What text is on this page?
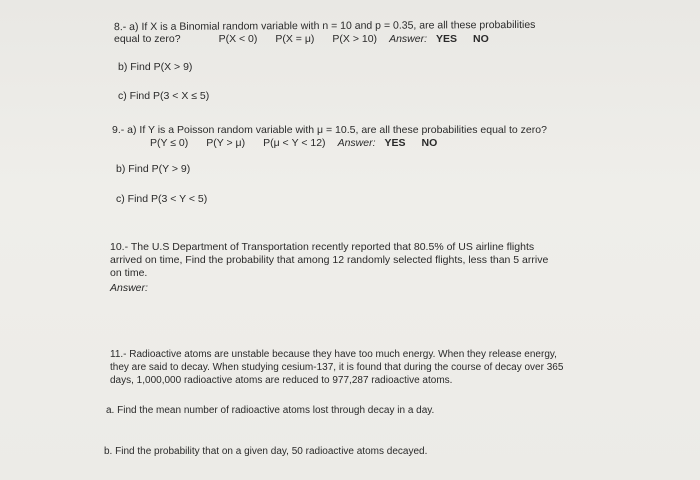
8.- a) If X is a Binomial random variable with n = 10 and p = 0.35, are all these probabilities
equal to zero?	P(X < 0) P(X = μ) P(X > 10) Answer: YES NO
b) Find P(X > 9)
c) Find P(3 < X ≤ 5)
9.- a) If Y is a Poisson random variable with μ = 10.5, are all these probabilities equal to zero?
P(Y ≤ 0) P(Y > μ) P(μ < Y < 12) Answer: YES NO
b) Find P(Y > 9)
c) Find P(3 < Y < 5)
10.- The U.S Department of Transportation recently reported that 80.5% of US airline flights
arrived on time, Find the probability that among 12 randomly selected flights, less than 5 arrive
on time.
Answer:
11.- Radioactive atoms are unstable because they have too much energy. When they release energy,
they are said to decay. When studying cesium-137, it is found that during the course of decay over 365
days, 1,000,000 radioactive atoms are reduced to 977,287 radioactive atoms.
a. Find the mean number of radioactive atoms lost through decay in a day.
b. Find the probability that on a given day, 50 radioactive atoms decayed.
